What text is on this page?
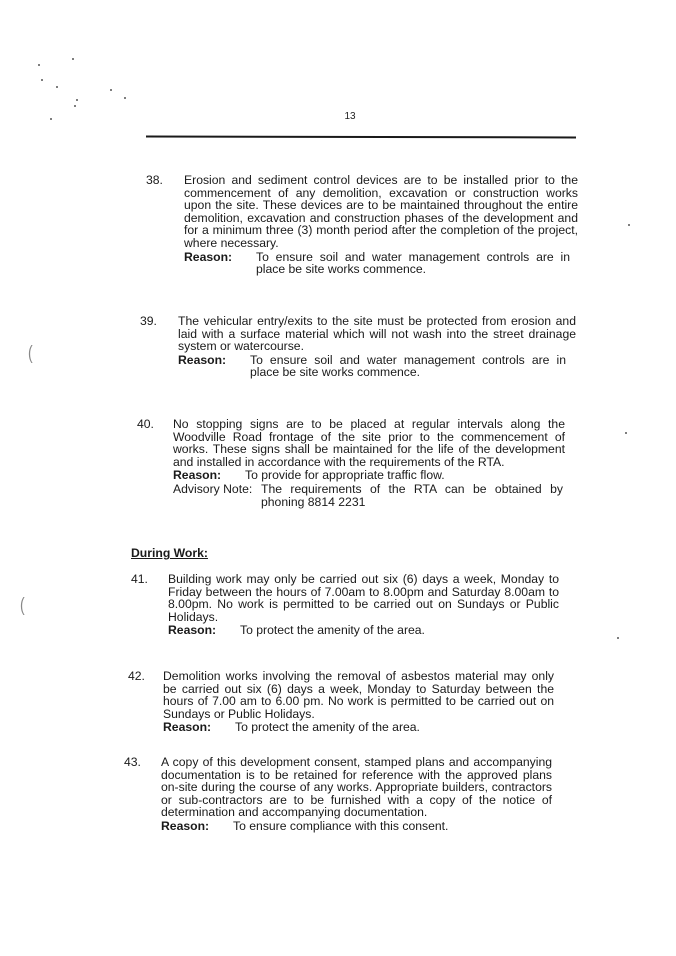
(
(
13
38.	Erosion and sediment control devices are to be installed prior to the commencement of any demolition, excavation or construction works upon the site. These devices are to be maintained throughout the entire demolition, excavation and construction phases of the development and for a minimum three (3) month period after the completion of the project, where necessary.
Reason: To ensure soil and water management controls are in place be site works commence.
39.	The vehicular entry/exits to the site must be protected from erosion and laid with a surface material which will not wash into the street drainage system or watercourse.
Reason: To ensure soil and water management controls are in place be site works commence.
40.	No stopping signs are to be placed at regular intervals along the Woodville Road frontage of the site prior to the commencement of works. These signs shall be maintained for the life of the development and installed in accordance with the requirements of the RTA.
Reason: To provide for appropriate traffic flow.
Advisory Note: The requirements of the RTA can be obtained by phoning 8814 2231
During Work:
41.	Building work may only be carried out six (6) days a week, Monday to Friday between the hours of 7.00am to 8.00pm and Saturday 8.00am to 8.00pm. No work is permitted to be carried out on Sundays or Public Holidays.
Reason: To protect the amenity of the area.
42.	Demolition works involving the removal of asbestos material may only be carried out six (6) days a week, Monday to Saturday between the hours of 7.00 am to 6.00 pm. No work is permitted to be carried out on Sundays or Public Holidays.
Reason: To protect the amenity of the area.
43.	A copy of this development consent, stamped plans and accompanying documentation is to be retained for reference with the approved plans on-site during the course of any works. Appropriate builders, contractors or sub-contractors are to be furnished with a copy of the notice of determination and accompanying documentation.
Reason: To ensure compliance with this consent.
